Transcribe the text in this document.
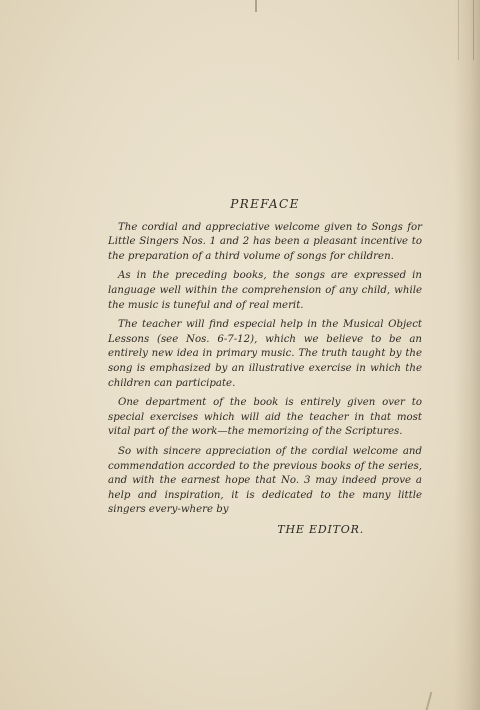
PREFACE

The cordial and appreciative welcome given to Songs for Little Singers Nos. 1 and 2 has been a pleasant incentive to the preparation of a third volume of songs for children.

As in the preceding books, the songs are expressed in language well within the comprehension of any child, while the music is tuneful and of real merit.

The teacher will find especial help in the Musical Object Lessons (see Nos. 6-7-12), which we believe to be an entirely new idea in primary music. The truth taught by the song is emphasized by an illustrative exercise in which the children can participate.

One department of the book is entirely given over to special exercises which will aid the teacher in that most vital part of the work—the memorizing of the Scriptures.

So with sincere appreciation of the cordial welcome and commendation accorded to the previous books of the series, and with the earnest hope that No. 3 may indeed prove a help and inspiration, it is dedicated to the many little singers every-where by

THE EDITOR.
